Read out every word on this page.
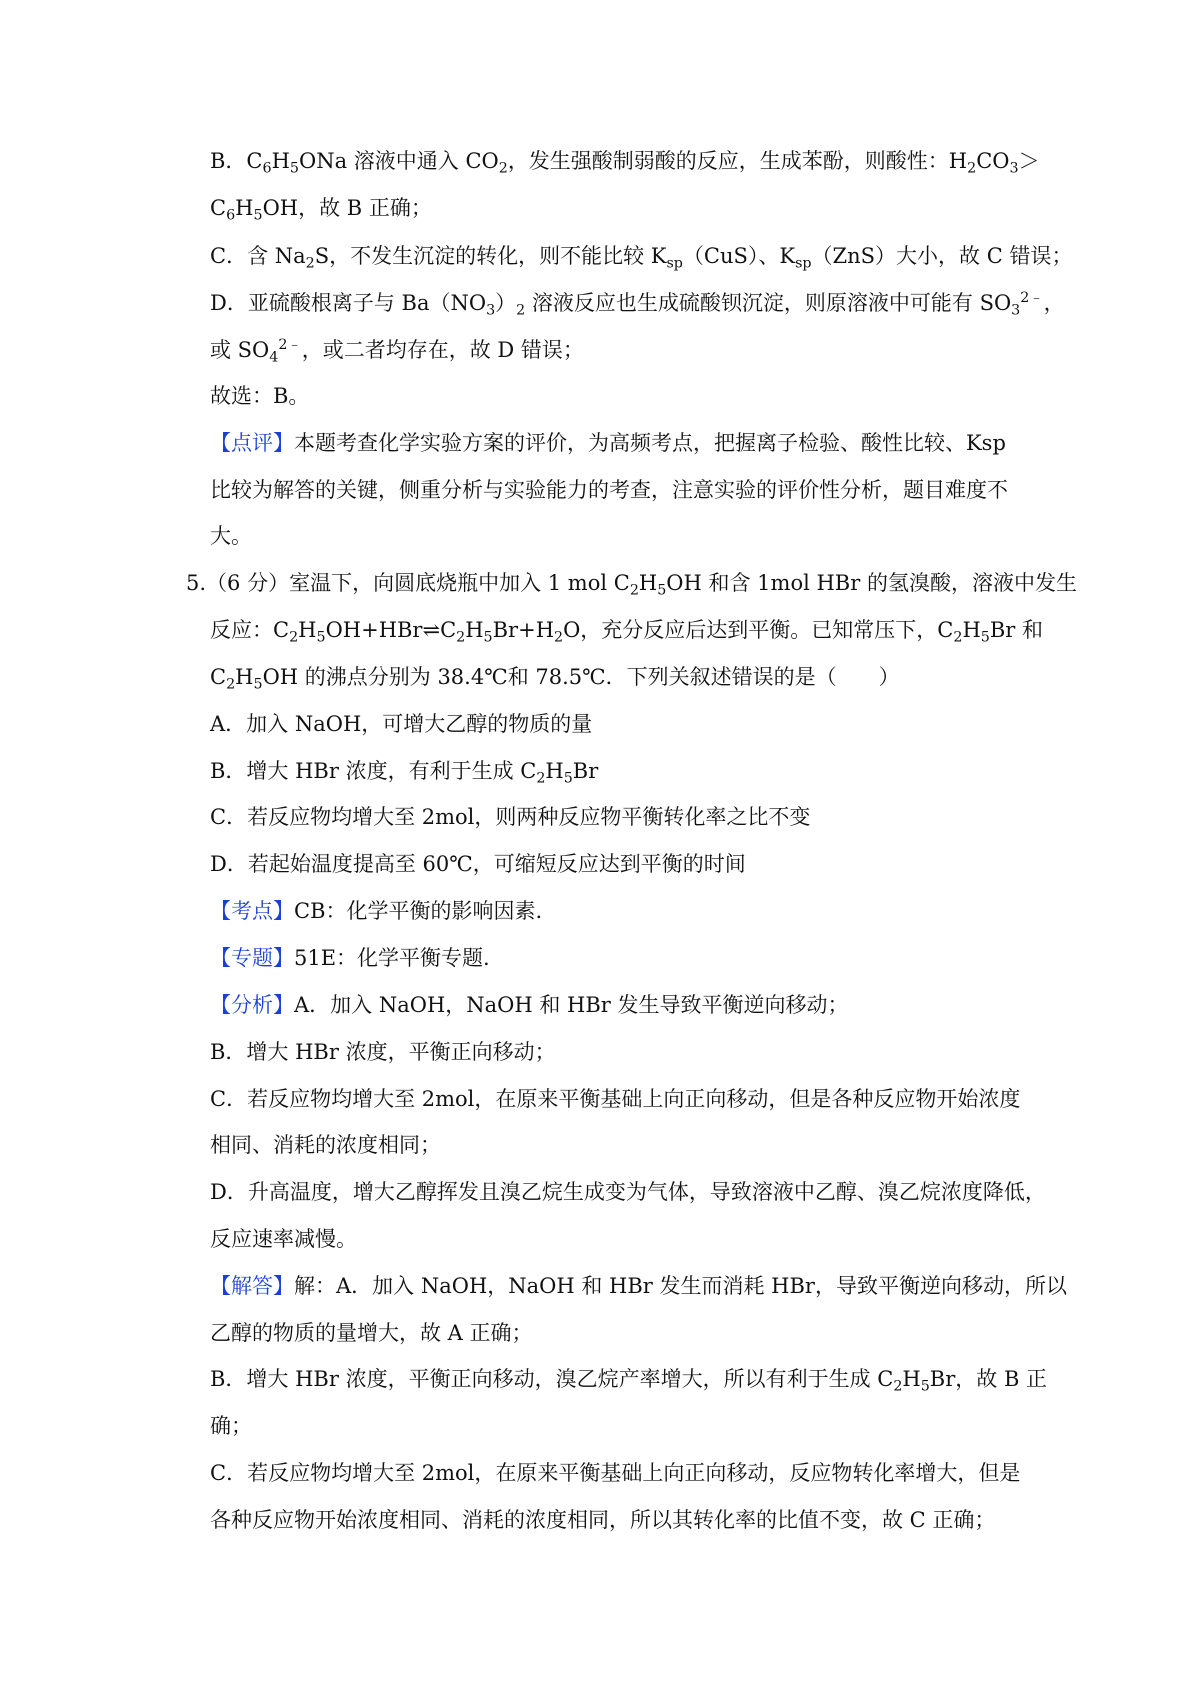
B．$C_6H_5ONa$ 溶液中通入 $CO_2$，发生强酸制弱酸的反应，生成苯酚，则酸性：$H_2CO_3>$
$C_6H_5OH$，故 B 正确；
C．含 $Na_2S$，不发生沉淀的转化，则不能比较 $K_{sp}(CuS)$、$K_{sp}(ZnS)$大小，故 C 错误；
D．亚硫酸根离子与 $Ba(NO_3)_2$ 溶液反应也生成硫酸钡沉淀，则原溶液中可能有 $SO_3^{2﹣}$，
或 $SO_4^{2﹣}$，或二者均存在，故 D 错误；
故选：B。
【点评】本题考查化学实验方案的评价，为高频考点，把握离子检验、酸性比较、Ksp
比较为解答的关键，侧重分析与实验能力的考查，注意实验的评价性分析，题目难度不
大。
5.（6 分）室温下，向圆底烧瓶中加入 1 mol $C_2H_5OH$ 和含 1mol HBr 的氢溴酸，溶液中发生
反应：$C_2H_5OH+HBr\rightleftharpoons C_2H_5Br+H_2O$，充分反应后达到平衡。已知常压下，$C_2H_5Br$ 和
$C_2H_5OH$ 的沸点分别为 38.4℃和 78.5℃．下列关叙述错误的是（　　）
A．加入 NaOH，可增大乙醇的物质的量
B．增大 HBr 浓度，有利于生成 $C_2H_5Br$
C．若反应物均增大至 2mol，则两种反应物平衡转化率之比不变
D．若起始温度提高至 60℃，可缩短反应达到平衡的时间
【考点】CB：化学平衡的影响因素.
【专题】51E：化学平衡专题.
【分析】A．加入 NaOH，NaOH 和 HBr 发生导致平衡逆向移动；
B．增大 HBr 浓度，平衡正向移动；
C．若反应物均增大至 2mol，在原来平衡基础上向正向移动，但是各种反应物开始浓度
相同、消耗的浓度相同；
D．升高温度，增大乙醇挥发且溴乙烷生成变为气体，导致溶液中乙醇、溴乙烷浓度降低，
反应速率减慢。
【解答】解：A．加入 NaOH，NaOH 和 HBr 发生而消耗 HBr，导致平衡逆向移动，所以
乙醇的物质的量增大，故 A 正确；
B．增大 HBr 浓度，平衡正向移动，溴乙烷产率增大，所以有利于生成 $C_2H_5Br$，故 B 正
确；
C．若反应物均增大至 2mol，在原来平衡基础上向正向移动，反应物转化率增大，但是
各种反应物开始浓度相同、消耗的浓度相同，所以其转化率的比值不变，故 C 正确；
